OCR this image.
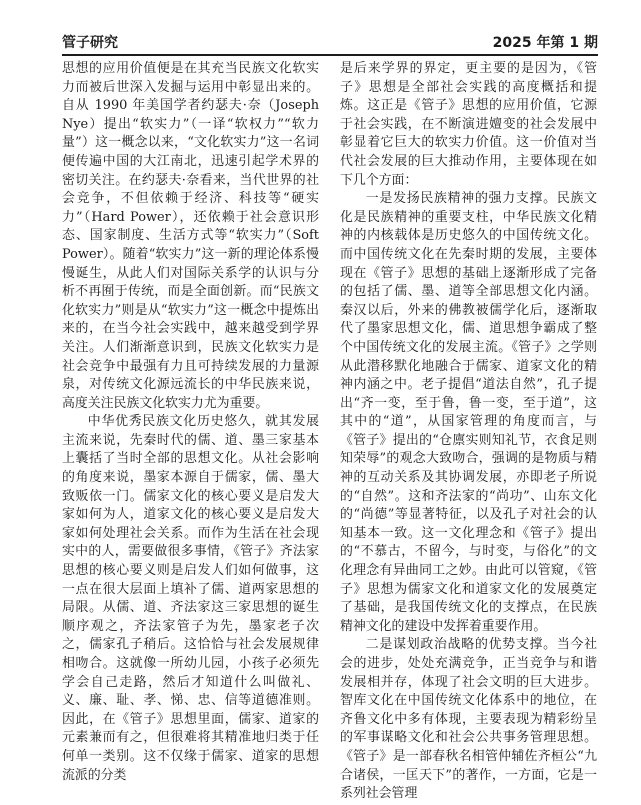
管子研究	2025 年第 1 期

思想的应用价值便是在其充当民族文化软实力而被后世深入发掘与运用中彰显出来的。自从 1990 年美国学者约瑟夫·奈（Joseph Nye）提出“软实力”（一译“软权力”“软力量”）这一概念以来，“文化软实力”这一名词便传遍中国的大江南北，迅速引起学术界的密切关注。在约瑟夫·奈看来，当代世界的社会竞争，不但依赖于经济、科技等“硬实力”（Hard Power），还依赖于社会意识形态、国家制度、生活方式等“软实力”（Soft Power）。随着“软实力”这一新的理论体系慢慢诞生，从此人们对国际关系学的认识与分析不再囿于传统，而是全面创新。而“民族文化软实力”则是从“软实力”这一概念中提炼出来的，在当今社会实践中，越来越受到学界关注。人们渐渐意识到，民族文化软实力是社会竞争中最强有力且可持续发展的力量源泉，对传统文化源远流长的中华民族来说，高度关注民族文化软实力尤为重要。

中华优秀民族文化历史悠久，就其发展主流来说，先秦时代的儒、道、墨三家基本上囊括了当时全部的思想文化。从社会影响的角度来说，墨家本源自于儒家，儒、墨大致贩依一门。儒家文化的核心要义是启发大家如何为人，道家文化的核心要义是启发大家如何处理社会关系。而作为生活在社会现实中的人，需要做很多事情，《管子》齐法家思想的核心要义则是启发人们如何做事，这一点在很大层面上填补了儒、道两家思想的局限。从儒、道、齐法家这三家思想的诞生顺序观之，齐法家管子为先，墨家老子次之，儒家孔子稍后。这恰恰与社会发展规律相吻合。这就像一所幼儿园，小孩子必须先学会自己走路，然后才知道什么叫做礼、义、廉、耻、孝、悌、忠、信等道德准则。因此，在《管子》思想里面，儒家、道家的元素兼而有之，但很难将其精准地归类于任何单一类别。这不仅缘于儒家、道家的思想流派的分类

是后来学界的界定，更主要的是因为，《管子》思想是全部社会实践的高度概括和提炼。这正是《管子》思想的应用价值，它源于社会实践，在不断演进嬗变的社会发展中彰显着它巨大的软实力价值。这一价值对当代社会发展的巨大推动作用，主要体现在如下几个方面：

一是发扬民族精神的强力支撑。民族文化是民族精神的重要支柱，中华民族文化精神的内核载体是历史悠久的中国传统文化。而中国传统文化在先秦时期的发展，主要体现在《管子》思想的基础上逐渐形成了完备的包括了儒、墨、道等全部思想文化内涵。秦汉以后，外来的佛教被儒学化后，逐渐取代了墨家思想文化，儒、道思想争霸成了整个中国传统文化的发展主流。《管子》之学则从此潜移默化地融合于儒家、道家文化的精神内涵之中。老子提倡“道法自然”，孔子提出“齐一变，至于鲁，鲁一变，至于道”，这其中的“道”，从国家管理的角度而言，与《管子》提出的“仓廪实则知礼节，衣食足则知荣辱”的观念大致吻合，强调的是物质与精神的互动关系及其协调发展，亦即老子所说的“自然”。这和齐法家的“尚功”、山东文化的“尚德”等显著特征，以及孔子对社会的认知基本一致。这一文化理念和《管子》提出的“不慕古，不留今，与时变，与俗化”的文化理念有异曲同工之妙。由此可以管窥，《管子》思想为儒家文化和道家文化的发展奠定了基础，是我国传统文化的支撑点，在民族精神文化的建设中发挥着重要作用。

二是谋划政治战略的优势支撑。当今社会的进步，处处充满竞争，正当竞争与和谐发展相并存，体现了社会文明的巨大进步。智库文化在中国传统文化体系中的地位，在齐鲁文化中多有体现，主要表现为精彩纷呈的军事谋略文化和社会公共事务管理思想。《管子》是一部春秋名相管仲辅佐齐桓公“九合诸侯，一匡天下”的著作，一方面，它是一系列社会管理
